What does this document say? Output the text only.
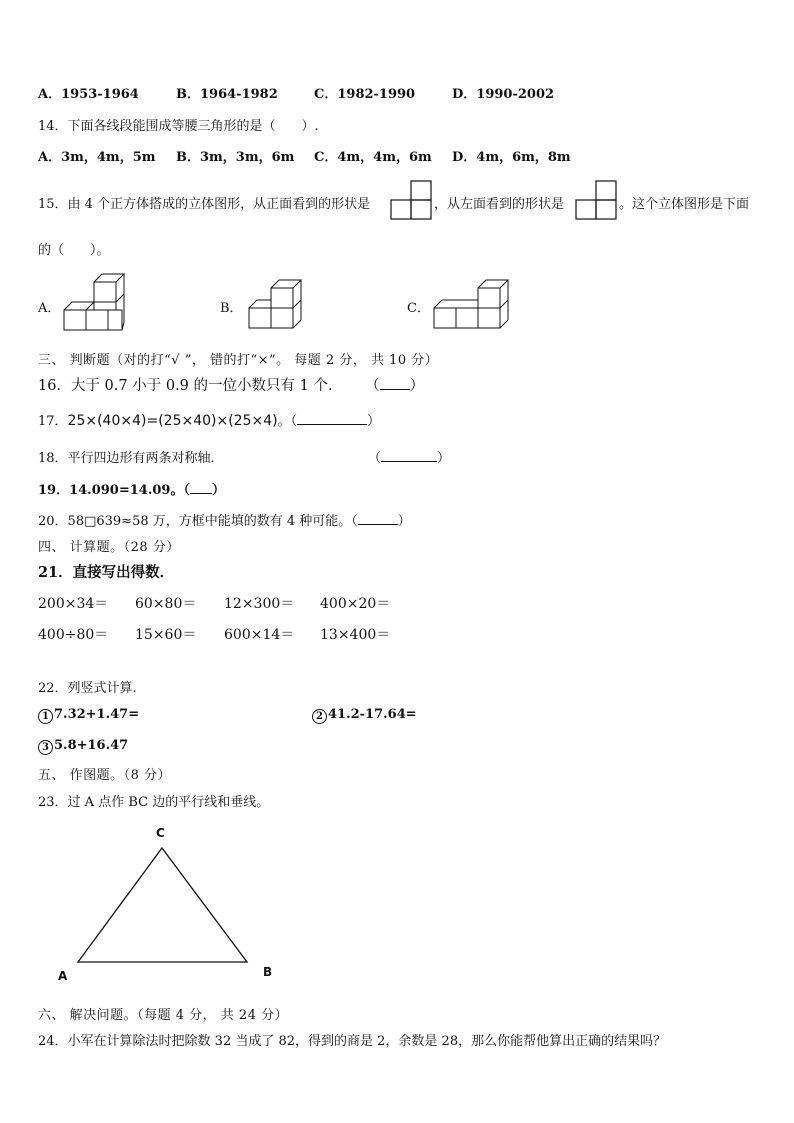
A．1953-1964	B．1964-1982	C．1982-1990	D．1990-2002
14．下面各线段能围成等腰三角形的是（　　）.
A．3m，4m，5m B．3m，3m，6m C．4m，4m，6m D．4m，6m，8m
15．由 4 个正方体搭成的立体图形，从正面看到的形状是	，从左面看到的形状是	。这个立体图形是下面
的（　　）。
A．	B．	C．
三、 判断题（对的打“√ ”， 错的打“×”。 每题 2 分， 共 10 分）
16．大于 0.7 小于 0.9 的一位小数只有 1 个． （ ）
17．25×(40×4)=(25×40)×(25×4)。（	）
18．平行四边形有两条对称轴．	（	）
19．14.090=14.09。（ ）
20．58□639≈58 万，方框中能填的数有 4 种可能。（	）
四、 计算题。（28 分）
21．直接写出得数．
200×34＝ 60×80＝ 12×300＝ 400×20＝
400÷80＝ 15×60＝ 600×14＝ 13×400＝
22．列竖式计算.
1 7.32+1.47=	2 41.2-17.64=
3 5.8+16.47
五、 作图题。（8 分）
23．过 A 点作 BC 边的平行线和垂线。
C
A	B
六、 解决问题。（每题 4 分， 共 24 分）
24．小军在计算除法时把除数 32 当成了 82，得到的商是 2，余数是 28，那么你能帮他算出正确的结果吗？
